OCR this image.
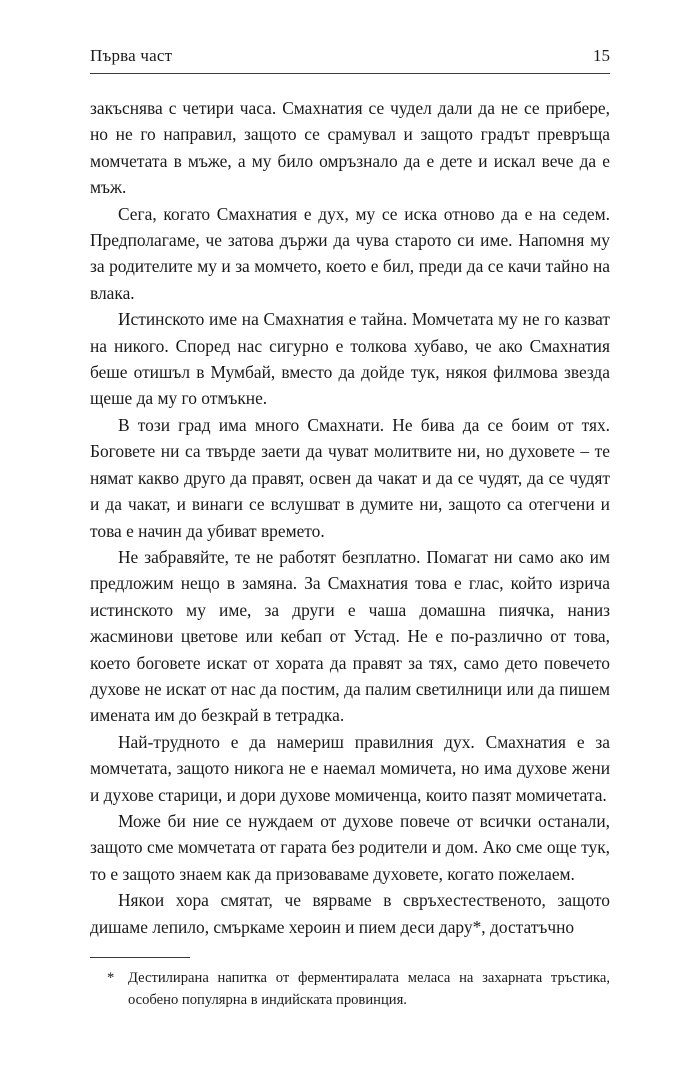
Първа част	15

закъснява с четири часа. Смахнатия се чудел дали да не се прибере, но не го направил, защото се срамувал и защото градът превръща момчетата в мъже, а му било омръзнало да е дете и искал вече да е мъж.

Сега, когато Смахнатия е дух, му се иска отново да е на седем. Предполагаме, че затова държи да чува старото си име. Напомня му за родителите му и за момчето, което е бил, преди да се качи тайно на влака.

Истинското име на Смахнатия е тайна. Момчетата му не го казват на никого. Според нас сигурно е толкова хубаво, че ако Смахнатия беше отишъл в Мумбай, вместо да дойде тук, някоя филмова звезда щеше да му го отмъкне.

В този град има много Смахнати. Не бива да се боим от тях. Боговете ни са твърде заети да чуват молитвите ни, но духовете – те нямат какво друго да правят, освен да чакат и да се чудят, да се чудят и да чакат, и винаги се вслушват в думите ни, защото са отегчени и това е начин да убиват времето.

Не забравяйте, те не работят безплатно. Помагат ни само ако им предложим нещо в замяна. За Смахнатия това е глас, който изрича истинското му име, за други е чаша домашна пиячка, наниз жасминови цветове или кебап от Устад. Не е по-различно от това, което боговете искат от хората да правят за тях, само дето повечето духове не искат от нас да постим, да палим светилници или да пишем имената им до безкрай в тетрадка.

Най-трудното е да намериш правилния дух. Смахнатия е за момчетата, защото никога не е наемал момичета, но има духове жени и духове старици, и дори духове момиченца, които пазят момичетата.

Може би ние се нуждаем от духове повече от всички останали, защото сме момчетата от гарата без родители и дом. Ако сме още тук, то е защото знаем как да призоваваме духовете, когато пожелаем.

Някои хора смятат, че вярваме в свръхестественото, защото дишаме лепило, смъркаме хероин и пием деси дару*, достатъчно

* Дестилирана напитка от ферментиралата меласа на захарната тръстика, особено популярна в индийската провинция.
